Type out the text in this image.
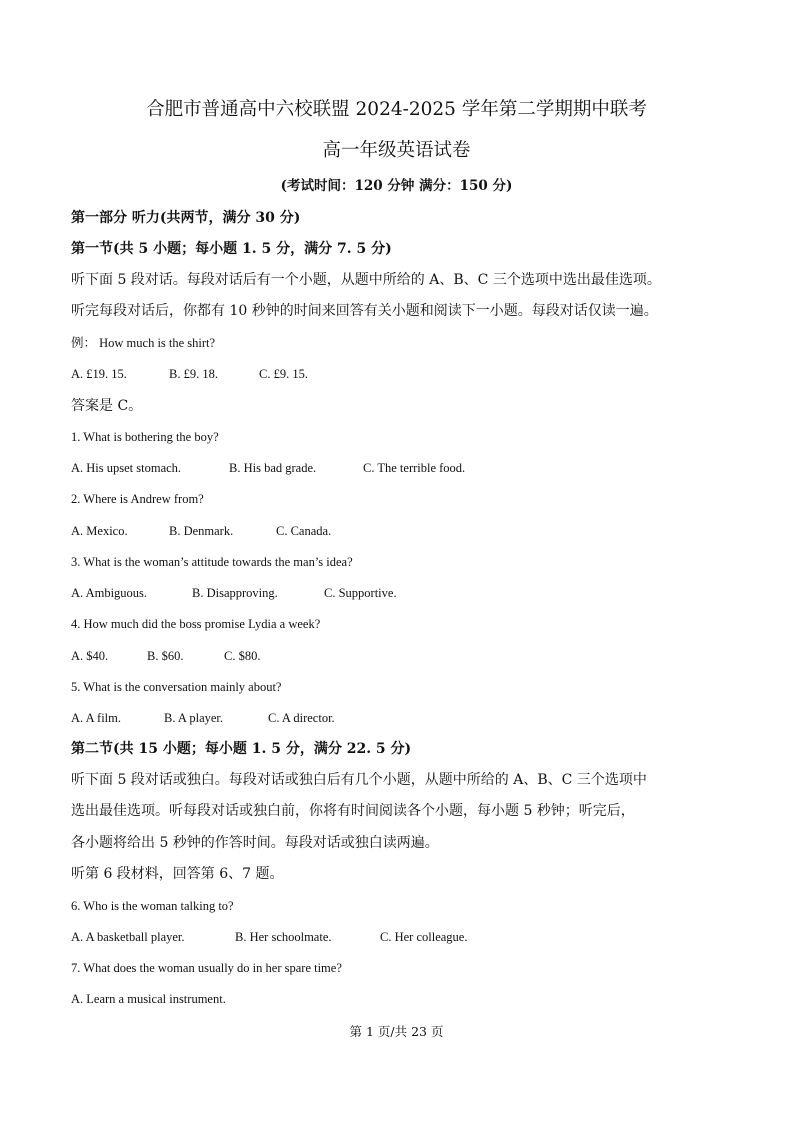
合肥市普通高中六校联盟 2024-2025 学年第二学期期中联考
高一年级英语试卷
(考试时间：120 分钟 满分：150 分)
第一部分 听力(共两节，满分 30 分)
第一节(共 5 小题；每小题 1. 5 分，满分 7. 5 分)
听下面 5 段对话。每段对话后有一个小题，从题中所给的 A、B、C 三个选项中选出最佳选项。
听完每段对话后，你都有 10 秒钟的时间来回答有关小题和阅读下一小题。每段对话仅读一遍。
例： How much is the shirt?
A. £19. 15.	B. £9. 18.	C. £9. 15.
答案是 C。
1. What is bothering the boy?
A. His upset stomach.	B. His bad grade.	C. The terrible food.
2. Where is Andrew from?
A. Mexico.	B. Denmark.	C. Canada.
3. What is the woman’s attitude towards the man’s idea?
A. Ambiguous.	B. Disapproving.	C. Supportive.
4. How much did the boss promise Lydia a week?
A. $40.	B. $60.	C. $80.
5. What is the conversation mainly about?
A. A film.	B. A player.	C. A director.
第二节(共 15 小题；每小题 1. 5 分，满分 22. 5 分)
听下面 5 段对话或独白。每段对话或独白后有几个小题，从题中所给的 A、B、C 三个选项中
选出最佳选项。听每段对话或独白前，你将有时间阅读各个小题，每小题 5 秒钟；听完后，
各小题将给出 5 秒钟的作答时间。每段对话或独白读两遍。
听第 6 段材料，回答第 6、7 题。
6. Who is the woman talking to?
A. A basketball player.	B. Her schoolmate.	C. Her colleague.
7. What does the woman usually do in her spare time?
A. Learn a musical instrument.
第 1 页/共 23 页
